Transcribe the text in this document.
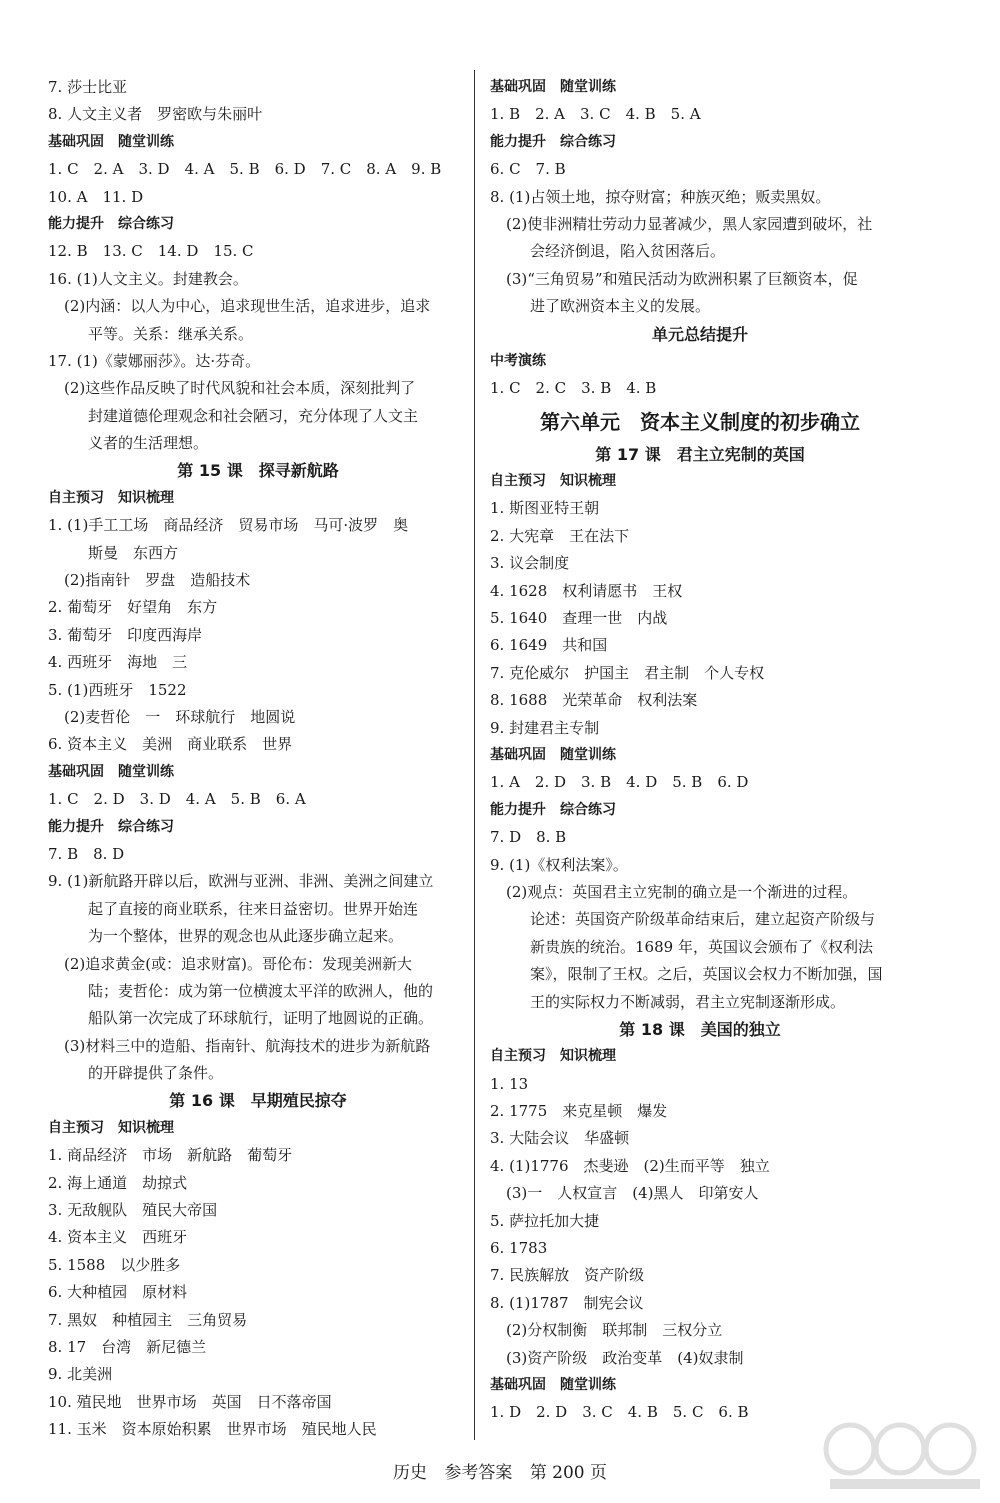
7. 莎士比亚
8. 人文主义者　罗密欧与朱丽叶
基础巩固　随堂训练
1. C　2. A　3. D　4. A　5. B　6. D　7. C　8. A　9. B
10. A　11. D
能力提升　综合练习
12. B　13. C　14. D　15. C
16. (1)人文主义。封建教会。
(2)内涵：以人为中心，追求现世生活，追求进步，追求
平等。关系：继承关系。
17. (1)《蒙娜丽莎》。达·芬奇。
(2)这些作品反映了时代风貌和社会本质，深刻批判了
封建道德伦理观念和社会陋习，充分体现了人文主
义者的生活理想。
第 15 课　探寻新航路
自主预习　知识梳理
1. (1)手工工场　商品经济　贸易市场　马可·波罗　奥
斯曼　东西方
(2)指南针　罗盘　造船技术
2. 葡萄牙　好望角　东方
3. 葡萄牙　印度西海岸
4. 西班牙　海地　三
5. (1)西班牙　1522
(2)麦哲伦　一　环球航行　地圆说
6. 资本主义　美洲　商业联系　世界
基础巩固　随堂训练
1. C　2. D　3. D　4. A　5. B　6. A
能力提升　综合练习
7. B　8. D
9. (1)新航路开辟以后，欧洲与亚洲、非洲、美洲之间建立
起了直接的商业联系，往来日益密切。世界开始连
为一个整体，世界的观念也从此逐步确立起来。
(2)追求黄金(或：追求财富)。哥伦布：发现美洲新大
陆；麦哲伦：成为第一位横渡太平洋的欧洲人，他的
船队第一次完成了环球航行，证明了地圆说的正确。
(3)材料三中的造船、指南针、航海技术的进步为新航路
的开辟提供了条件。
第 16 课　早期殖民掠夺
自主预习　知识梳理
1. 商品经济　市场　新航路　葡萄牙
2. 海上通道　劫掠式
3. 无敌舰队　殖民大帝国
4. 资本主义　西班牙
5. 1588　以少胜多
6. 大种植园　原材料
7. 黑奴　种植园主　三角贸易
8. 17　台湾　新尼德兰
9. 北美洲
10. 殖民地　世界市场　英国　日不落帝国
11. 玉米　资本原始积累　世界市场　殖民地人民
基础巩固　随堂训练
1. B　2. A　3. C　4. B　5. A
能力提升　综合练习
6. C　7. B
8. (1)占领土地，掠夺财富；种族灭绝；贩卖黑奴。
(2)使非洲精壮劳动力显著减少，黑人家园遭到破坏，社
会经济倒退，陷入贫困落后。
(3)“三角贸易”和殖民活动为欧洲积累了巨额资本，促
进了欧洲资本主义的发展。
单元总结提升
中考演练
1. C　2. C　3. B　4. B
第六单元　资本主义制度的初步确立
第 17 课　君主立宪制的英国
自主预习　知识梳理
1. 斯图亚特王朝
2. 大宪章　王在法下
3. 议会制度
4. 1628　权利请愿书　王权
5. 1640　查理一世　内战
6. 1649　共和国
7. 克伦威尔　护国主　君主制　个人专权
8. 1688　光荣革命　权利法案
9. 封建君主专制
基础巩固　随堂训练
1. A　2. D　3. B　4. D　5. B　6. D
能力提升　综合练习
7. D　8. B
9. (1)《权利法案》。
(2)观点：英国君主立宪制的确立是一个渐进的过程。
论述：英国资产阶级革命结束后，建立起资产阶级与
新贵族的统治。1689 年，英国议会颁布了《权利法
案》，限制了王权。之后，英国议会权力不断加强，国
王的实际权力不断减弱，君主立宪制逐渐形成。
第 18 课　美国的独立
自主预习　知识梳理
1. 13
2. 1775　来克星顿　爆发
3. 大陆会议　华盛顿
4. (1)1776　杰斐逊　(2)生而平等　独立
(3)一　人权宣言　(4)黑人　印第安人
5. 萨拉托加大捷
6. 1783
7. 民族解放　资产阶级
8. (1)1787　制宪会议
(2)分权制衡　联邦制　三权分立
(3)资产阶级　政治变革　(4)奴隶制
基础巩固　随堂训练
1. D　2. D　3. C　4. B　5. C　6. B
历史 参考答案 第 200 页
